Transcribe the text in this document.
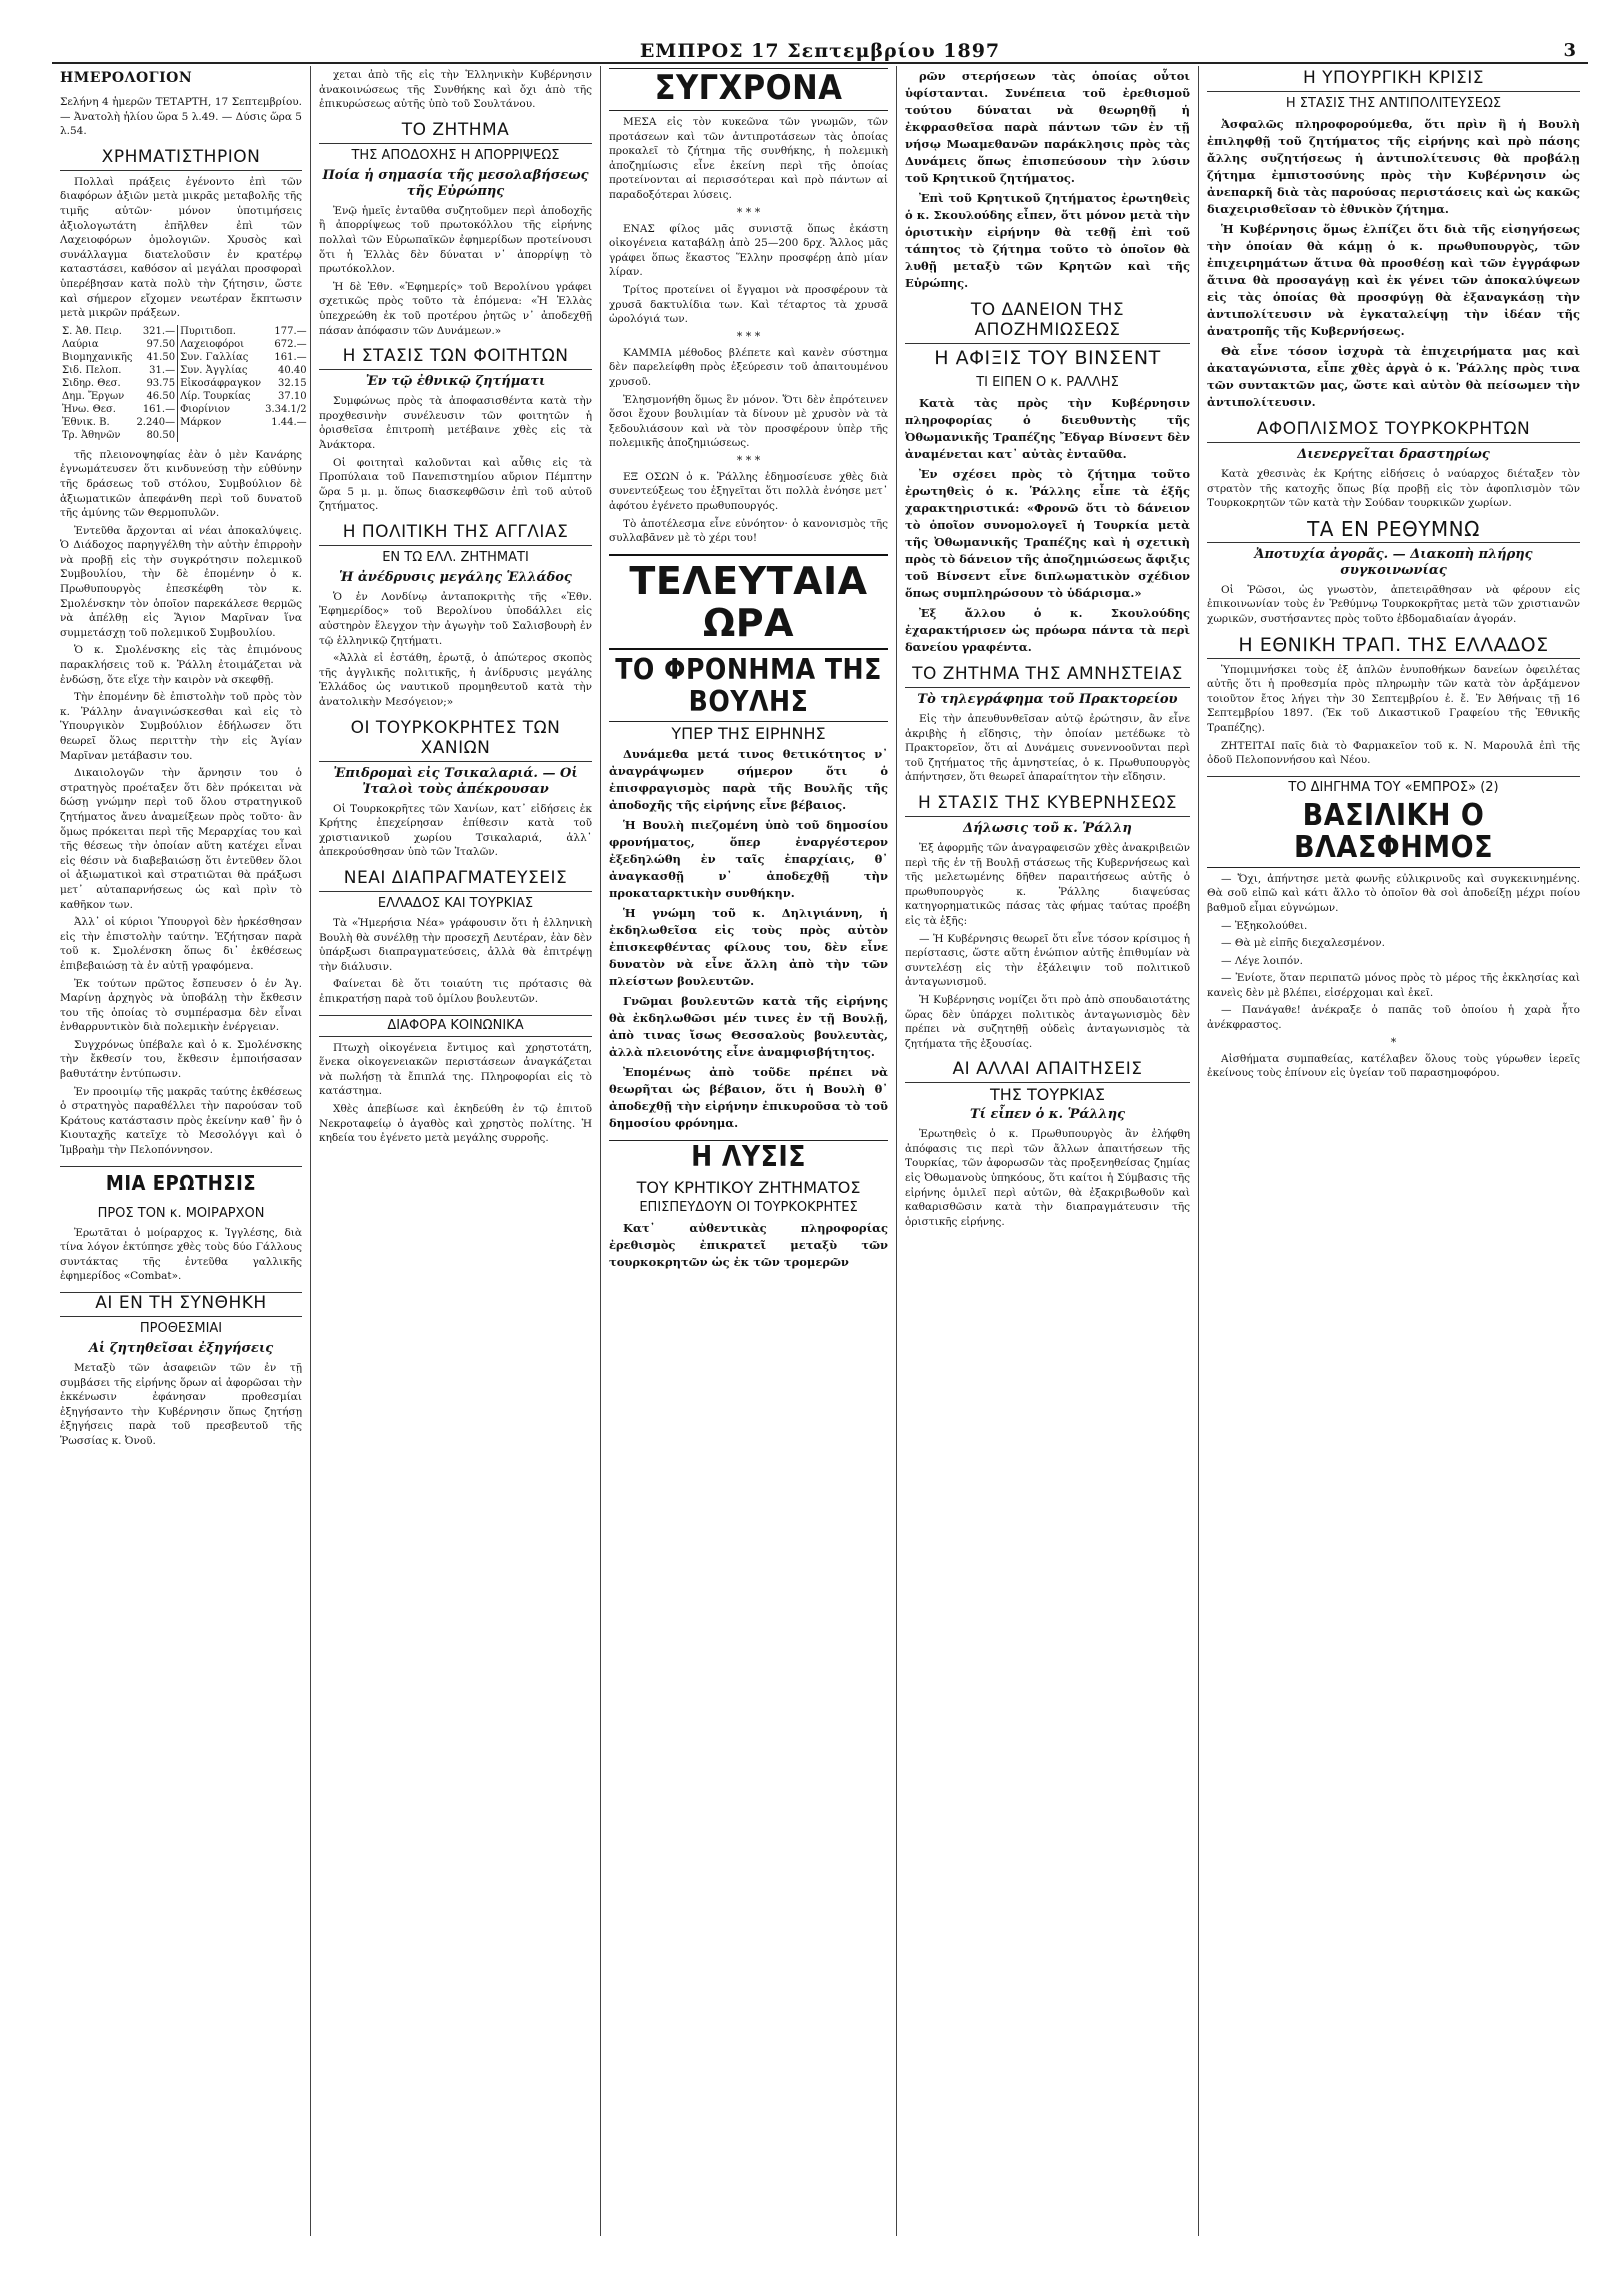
ΕΜΠΡΟΣ 17 Σεπτεμβρίου 1897	3
ΗΜΕΡΟΛΟΓΙΟΝ

Σελήνη 4 ἡμερῶν ΤΕΤΑΡΤΗ, 17 Σεπτεμβρίου. — Ἀνατολὴ ἡλίου ὥρα 5 λ.49. — Δύσις ὥρα 5 λ.54.

ΧΡΗΜΑΤΙΣΤΗΡΙΟΝ

Πολλαὶ πράξεις ἐγένοντο ἐπὶ τῶν διαφόρων ἀξιῶν μετὰ μικρᾶς μεταβολῆς τῆς τιμῆς αὐτῶν· μόνον ὑποτιμήσεις ἀξιολογωτάτη ἐπῆλθεν ἐπὶ τῶν Λαχειοφόρων ὁμολογιῶν. Χρυσὸς καὶ συνάλλαγμα διατελοῦσιν ἐν κρατέρῳ καταστάσει, καθόσον αἱ μεγάλαι προσφοραὶ ὑπερέβησαν κατὰ πολὺ τὴν ζήτησιν, ὥστε καὶ σήμερον εἴχομεν νεωτέραν ἔκπτωσιν μετὰ μικρῶν πράξεων.

Σ. Ἀθ. Πειρ.	321.—	Πυριτιδοπ.	177.—
Λαύρια	97.50	Λαχειοφόροι	672.—
Βιομηχανικῆς	41.50	Συν. Γαλλίας	161.—
Σιδ. Πελοπ.	31.—	Συν. Ἀγγλίας	40.40
Σιδηρ. Θεσ.	93.75	Εἰκοσάφραγκον	32.15
Δημ. Ἔργων	46.50	Λίρ. Τουρκίας	37.10
Ἠνω. Θεσ.	161.—	Φιορίνιον	3.34.1/2
Ἐθνικ. Β.	2.240—	Μάρκον	1.44.—
Τρ. Ἀθηνῶν	80.50		

τῆς πλειονοψηφίας ἐὰν ὁ μὲν Κανάρης ἐγνωμάτευσεν ὅτι κινδυνεύσῃ τὴν εὐθύνην τῆς δράσεως τοῦ στόλου, Συμβούλιον δὲ ἀξιωματικῶν ἀπεφάνθη περὶ τοῦ δυνατοῦ τῆς ἀμύνης τῶν Θερμοπυλῶν.

Ἐντεῦθα ἄρχονται αἱ νέαι ἀποκαλύψεις. Ὁ Διάδοχος παρηγγέλθη τὴν αὐτὴν ἐπιρροὴν νὰ προβῇ εἰς τὴν συγκρότησιν πολεμικοῦ Συμβουλίου, τὴν δὲ ἐπομένην ὁ κ. Πρωθυπουργὸς ἐπεσκέφθη τὸν κ. Σμολένσκην τὸν ὁποῖον παρεκάλεσε θερμῶς νὰ ἀπέλθῃ εἰς Ἅγιον Μαρῖναν ἵνα συμμετάσχῃ τοῦ πολεμικοῦ Συμβουλίου.

Ὁ κ. Σμολένσκης εἰς τὰς ἐπιμόνους παρακλήσεις τοῦ κ. Ῥάλλη ἐτοιμάζεται νὰ ἐνδώσῃ, ὅτε εἴχε τὴν καιρὸν νὰ σκεφθῇ.

Τὴν ἐπομένην δὲ ἐπιστολὴν τοῦ πρὸς τὸν κ. Ῥάλλην ἀναγινώσκεσθαι καὶ εἰς τὸ Ὑπουργικὸν Συμβούλιον ἐδήλωσεν ὅτι θεωρεῖ ὅλως περιττὴν τὴν εἰς Ἁγίαν Μαρῖναν μετάβασιν του.

Δικαιολογῶν τὴν ἄρνησιν του ὁ στρατηγὸς προέταξεν ὅτι δὲν πρόκειται νὰ δώσῃ γνώμην περὶ τοῦ ὅλου στρατηγικοῦ ζητήματος ἄνευ ἀναμείξεων πρὸς τοῦτο· ἂν ὅμως πρόκειται περὶ τῆς Μεραρχίας του καὶ τῆς θέσεως τὴν ὁποίαν αὕτη κατέχει εἶναι εἰς θέσιν νὰ διαβεβαιώσῃ ὅτι ἐντεῦθεν ὅλοι οἱ ἀξιωματικοὶ καὶ στρατιῶται θὰ πράξωσι μετ᾽ αὐταπαρνήσεως ὡς καὶ πρὶν τὸ καθῆκον των.

Ἀλλ᾽ οἱ κύριοι Ὑπουργοὶ δὲν ἠρκέσθησαν εἰς τὴν ἐπιστολὴν ταύτην. Ἐζήτησαν παρὰ τοῦ κ. Σμολένσκη ὅπως δι᾽ ἐκθέσεως ἐπιβεβαιώσῃ τὰ ἐν αὐτῇ γραφόμενα.

Ἐκ τούτων πρῶτος ἔσπευσεν ὁ ἐν Ἁγ. Μαρίνῃ ἀρχηγὸς νὰ ὑποβάλῃ τὴν ἔκθεσιν του τῆς ὁποίας τὸ συμπέρασμα δὲν εἶναι ἐνθαρρυντικὸν διὰ πολεμικὴν ἐνέργειαν.

Συγχρόνως ὑπέβαλε καὶ ὁ κ. Σμολένσκης τὴν ἔκθεσίν του, ἔκθεσιν ἐμποιήσασαν βαθυτάτην ἐντύπωσιν.

Ἐν προοιμίῳ τῆς μακρᾶς ταύτης ἐκθέσεως ὁ στρατηγὸς παραθέλλει τὴν παρούσαν τοῦ Κράτους κατάστασιν πρὸς ἐκείνην καθ᾽ ἣν ὁ Κιουταχῆς κατεῖχε τὸ Μεσολόγγι καὶ ὁ Ἰμβραὴμ τὴν Πελοπόννησον.

ΜΙΑ ΕΡΩΤΗΣΙΣ
ΠΡΟΣ ΤΟΝ κ. ΜΟΙΡΑΡΧΟΝ

Ἐρωτᾶται ὁ μοίραρχος κ. Ἰγγλέσης, διὰ τίνα λόγον ἐκτύπησε χθὲς τοὺς δύο Γάλλους συντάκτας τῆς ἐντεῦθα γαλλικῆς ἐφημερίδος «Combat».

ΑΙ ΕΝ ΤΗ ΣΥΝΘΗΚΗ
ΠΡΟΘΕΣΜΙΑΙ
Αἱ ζητηθεῖσαι ἐξηγήσεις

Μεταξὺ τῶν ἀσαφειῶν τῶν ἐν τῇ συμβάσει τῆς εἰρήνης ὅρων αἱ ἀφορῶσαι τὴν ἐκκένωσιν ἐφάνησαν προθεσμίαι ἐξηγήσαντο τὴν Κυβέρνησιν ὅπως ζητήσῃ ἐξηγήσεις παρὰ τοῦ πρεσβευτοῦ τῆς Ῥωσσίας κ. Ὀνοῦ.

χεται ἀπὸ τῆς εἰς τὴν Ἑλληνικὴν Κυβέρνησιν ἀνακοινώσεως τῆς Συνθήκης καὶ ὄχι ἀπὸ τῆς ἐπικυρώσεως αὐτῆς ὑπὸ τοῦ Σουλτάνου.

ΤΟ ΖΗΤΗΜΑ
ΤΗΣ ΑΠΟΔΟΧΗΣ Η ΑΠΟΡΡΙΨΕΩΣ
Ποία ἡ σημασία τῆς μεσολαβήσεως τῆς Εὐρώπης

Ἐνῷ ἡμεῖς ἐνταῦθα συζητοῦμεν περὶ ἀποδοχῆς ἢ ἀπορρίψεως τοῦ πρωτοκόλλου τῆς εἰρήνης πολλαὶ τῶν Εὐρωπαϊκῶν ἐφημερίδων προτείνουσι ὅτι ἡ Ἑλλὰς δὲν δύναται ν᾽ ἀπορρίψῃ τὸ πρωτόκολλον.

Ἡ δὲ Ἐθν. «Ἐφημερίς» τοῦ Βερολίνου γράφει σχετικῶς πρὸς τοῦτο τὰ ἑπόμενα: «Ἡ Ἑλλὰς ὑπεχρεώθη ἐκ τοῦ προτέρου ῥητῶς ν᾽ ἀποδεχθῇ πάσαν ἀπόφασιν τῶν Δυνάμεων.»

Η ΣΤΑΣΙΣ ΤΩΝ ΦΟΙΤΗΤΩΝ
Ἐν τῷ ἐθνικῷ ζητήματι

Συμφώνως πρὸς τὰ ἀποφασισθέντα κατὰ τὴν προχθεσινὴν συνέλευσιν τῶν φοιτητῶν ἡ ὁρισθεῖσα ἐπιτροπὴ μετέβαινε χθὲς εἰς τὰ Ἀνάκτορα.

Οἱ φοιτηταὶ καλοῦνται καὶ αὖθις εἰς τὰ Προπύλαια τοῦ Πανεπιστημίου αὔριον Πέμπτην ὥρα 5 μ. μ. ὅπως διασκεφθῶσιν ἐπὶ τοῦ αὐτοῦ ζητήματος.

Η ΠΟΛΙΤΙΚΗ ΤΗΣ ΑΓΓΛΙΑΣ
ΕΝ ΤΩ ΕΛΛ. ΖΗΤΗΜΑΤΙ
Ἡ ἀνέδρυσις μεγάλης Ἑλλάδος

Ὁ ἐν Λονδίνῳ ἀνταποκριτὴς τῆς «Ἐθν. Ἐφημερίδος» τοῦ Βερολίνου ὑποδάλλει εἰς αὐστηρὸν ἔλεγχον τὴν ἀγωγὴν τοῦ Σαλισβουρὴ ἐν τῷ ἑλληνικῷ ζητήματι.

«Ἀλλὰ εἰ ἐστάθη, ἐρωτᾷ, ὁ ἀπώτερος σκοπὸς τῆς ἀγγλικῆς πολιτικῆς, ἡ ἀνίδρυσις μεγάλης Ἑλλάδος ὡς ναυτικοῦ προμηθευτοῦ κατὰ τὴν ἀνατολικὴν Μεσόγειον;»

ΟΙ ΤΟΥΡΚΟΚΡΗΤΕΣ ΤΩΝ ΧΑΝΙΩΝ
Ἐπιδρομαὶ εἰς Τσικαλαριά. — Οἱ Ἰταλοὶ τοὺς ἀπέκρουσαν

Οἱ Τουρκοκρῆτες τῶν Χανίων, κατ᾽ εἰδήσεις ἐκ Κρήτης ἐπεχείρησαν ἐπίθεσιν κατὰ τοῦ χριστιανικοῦ χωρίου Τσικαλαριά, ἀλλ᾽ ἀπεκρούσθησαν ὑπὸ τῶν Ἰταλῶν.

ΝΕΑΙ ΔΙΑΠΡΑΓΜΑΤΕΥΣΕΙΣ
ΕΛΛΑΔΟΣ ΚΑΙ ΤΟΥΡΚΙΑΣ

Τὰ «Ἡμερήσια Νέα» γράφουσιν ὅτι ἡ ἑλληνικὴ Βουλὴ θὰ συνέλθῃ τὴν προσεχῆ Δευτέραν, ἐὰν δὲν ὑπάρξωσι διαπραγματεύσεις, ἀλλὰ θὰ ἐπιτρέψῃ τὴν διάλυσιν.

Φαίνεται δὲ ὅτι τοιαύτη τις πρότασις θὰ ἐπικρατήσῃ παρὰ τοῦ ὁμίλου βουλευτῶν.

ΔΙΑΦΟΡΑ ΚΟΙΝΩΝΙΚΑ

Πτωχὴ οἰκογένεια ἔντιμος καὶ χρηστοτάτη, ἕνεκα οἰκογενειακῶν περιστάσεων ἀναγκάζεται νὰ πωλήσῃ τὰ ἔπιπλά της. Πληροφορίαι εἰς τὸ κατάστημα.

Χθὲς ἀπεβίωσε καὶ ἐκηδεύθη ἐν τῷ ἐπιτοῦ Νεκροταφείῳ ὁ ἀγαθὸς καὶ χρηστὸς πολίτης. Ἡ κηδεία του ἐγένετο μετὰ μεγάλης συρροῆς.

ΣΥΓΧΡΟΝΑ

ΜΕΣΑ εἰς τὸν κυκεῶνα τῶν γνωμῶν, τῶν προτάσεων καὶ τῶν ἀντιπροτάσεων τὰς ὁποίας προκαλεῖ τὸ ζήτημα τῆς συνθήκης, ἡ πολεμικὴ ἀποζημίωσις εἶνε ἐκείνη περὶ τῆς ὁποίας προτείνονται αἱ περισσότεραι καὶ πρὸ πάντων αἱ παραδοξότεραι λύσεις.

* * *

ΕΝΑΣ φίλος μᾶς συνιστᾷ ὅπως ἑκάστη οἰκογένεια καταβάλῃ ἀπὸ 25—200 δρχ. Ἄλλος μᾶς γράφει ὅπως ἕκαστος Ἕλλην προσφέρῃ ἀπὸ μίαν λίραν.

Τρίτος προτείνει οἱ ἔγγαμοι νὰ προσφέρουν τὰ χρυσᾶ δακτυλίδια των. Καὶ τέταρτος τὰ χρυσᾶ ὡρολόγιά των.

* * *

ΚΑΜΜΙΑ μέθοδος βλέπετε καὶ κανὲν σύστημα δὲν παρελείφθη πρὸς ἐξεύρεσιν τοῦ ἀπαιτουμένου χρυσοῦ.

Ἐλησμονήθη ὅμως ἓν μόνον. Ὅτι δὲν ἐπρότεινεν ὅσοι ἔχουν βουλιμίαν τὰ δίνουν μὲ χρυσὸν νὰ τὰ ξεδουλιάσουν καὶ νὰ τὸν προσφέρουν ὑπὲρ τῆς πολεμικῆς ἀποζημιώσεως.

* * *

ΕΞ ΟΣΩΝ ὁ κ. Ῥάλλης ἐδημοσίευσε χθὲς διὰ συνεντεύξεως του ἐξηγεῖται ὅτι πολλὰ ἐνόησε μετ᾽ ἀφότου ἐγένετο πρωθυπουργός.

Τὸ ἀποτέλεσμα εἶνε εὐνόητον· ὁ κανονισμὸς τῆς συλλαβᾶνεν μὲ τὸ χέρι του!

ΤΕΛΕΥΤΑΙΑ ΩΡΑ
ΤΟ ΦΡΟΝΗΜΑ ΤΗΣ ΒΟΥΛΗΣ
ΥΠΕΡ ΤΗΣ ΕΙΡΗΝΗΣ

Δυνάμεθα μετά τινος θετικότητος ν᾽ ἀναγράψωμεν σήμερον ὅτι ὁ ἐπισφραγισμὸς παρὰ τῆς Βουλῆς τῆς ἀποδοχῆς τῆς εἰρήνης εἶνε βέβαιος.

Ἡ Βουλὴ πιεζομένη ὑπὸ τοῦ δημοσίου φρονήματος, ὅπερ ἐναργέστερον ἐξεδηλώθη ἐν ταῖς ἐπαρχίαις, θ᾽ ἀναγκασθῇ ν᾽ ἀποδεχθῇ τὴν προκαταρκτικὴν συνθήκην.

Ἡ γνώμη τοῦ κ. Δηλιγιάννη, ἡ ἐκδηλωθεῖσα εἰς τοὺς πρὸς αὐτὸν ἐπισκεφθέντας φίλους του, δὲν εἶνε δυνατὸν νὰ εἶνε ἄλλη ἀπὸ τὴν τῶν πλείστων βουλευτῶν.

Γνῶμαι βουλευτῶν κατὰ τῆς εἰρήνης θὰ ἐκδηλωθῶσι μέν τινες ἐν τῇ Βουλῇ, ἀπὸ τινας ἴσως Θεσσαλοὺς βουλευτὰς, ἀλλὰ πλειονότης εἶνε ἀναμφισβήτητος.

Ἐπομένως ἀπὸ τοῦδε πρέπει νὰ θεωρῆται ὡς βέβαιον, ὅτι ἡ Βουλὴ θ᾽ ἀποδεχθῇ τὴν εἰρήνην ἐπικυροῦσα τὸ τοῦ δημοσίου φρόνημα.

Η ΛΥΣΙΣ
ΤΟΥ ΚΡΗΤΙΚΟΥ ΖΗΤΗΜΑΤΟΣ
ΕΠΙΣΠΕΥΔΟΥΝ ΟΙ ΤΟΥΡΚΟΚΡΗΤΕΣ

Κατ᾽ αὐθεντικὰς πληροφορίας ἐρεθισμὸς ἐπικρατεῖ μεταξὺ τῶν τουρκοκρητῶν ὡς ἐκ τῶν τρομερῶν

ρῶν στερήσεων τὰς ὁποίας οὗτοι ὑφίστανται. Συνέπεια τοῦ ἐρεθισμοῦ τούτου δύναται νὰ θεωρηθῇ ἡ ἐκφρασθεῖσα παρὰ πάντων τῶν ἐν τῇ νήσῳ Μωαμεθανῶν παράκλησις πρὸς τὰς Δυνάμεις ὅπως ἐπισπεύσουν τὴν λύσιν τοῦ Κρητικοῦ ζητήματος.

Ἐπὶ τοῦ Κρητικοῦ ζητήματος ἐρωτηθεὶς ὁ κ. Σκουλούδης εἶπεν, ὅτι μόνον μετὰ τὴν ὁριστικὴν εἰρήνην θὰ τεθῇ ἐπὶ τοῦ τάπητος τὸ ζήτημα τοῦτο τὸ ὁποῖον θὰ λυθῇ μεταξὺ τῶν Κρητῶν καὶ τῆς Εὐρώπης.

ΤΟ ΔΑΝΕΙΟΝ ΤΗΣ ΑΠΟΖΗΜΙΩΣΕΩΣ
Η ΑΦΙΞΙΣ ΤΟΥ ΒΙΝΣΕΝΤ
ΤΙ ΕΙΠΕΝ Ο κ. ΡΑΛΛΗΣ

Κατὰ τὰς πρὸς τὴν Κυβέρνησιν πληροφορίας ὁ διευθυντὴς τῆς Ὀθωμανικῆς Τραπέζης Ἔδγαρ Βίνσεντ δὲν ἀναμένεται κατ᾽ αὐτὰς ἐνταῦθα.

Ἐν σχέσει πρὸς τὸ ζήτημα τοῦτο ἐρωτηθεὶς ὁ κ. Ῥάλλης εἶπε τὰ ἑξῆς χαρακτηριστικά: «Φρονῶ ὅτι τὸ δάνειον τὸ ὁποῖον συνομολογεῖ ἡ Τουρκία μετὰ τῆς Ὀθωμανικῆς Τραπέζης καὶ ἡ σχετικὴ πρὸς τὸ δάνειον τῆς ἀποζημιώσεως ἄφιξις τοῦ Βίνσεντ εἶνε διπλωματικὸν σχέδιον ὅπως συμπληρώσουν τὸ ὑδάρισμα.»

Ἐξ ἄλλου ὁ κ. Σκουλούδης ἐχαρακτήρισεν ὡς πρόωρα πάντα τὰ περὶ δανείου γραφέντα.

ΤΟ ΖΗΤΗΜΑ ΤΗΣ ΑΜΝΗΣΤΕΙΑΣ
Τὸ τηλεγράφημα τοῦ Πρακτορείου

Εἰς τὴν ἀπευθυνθεῖσαν αὐτῷ ἐρώτησιν, ἂν εἶνε ἀκριβὴς ἡ εἴδησις, τὴν ὁποίαν μετέδωκε τὸ Πρακτορεῖον, ὅτι αἱ Δυνάμεις συνεννοοῦνται περὶ τοῦ ζητήματος τῆς ἀμνηστείας, ὁ κ. Πρωθυπουργὸς ἀπήντησεν, ὅτι θεωρεῖ ἀπαραίτητον τὴν εἴδησιν.

Η ΣΤΑΣΙΣ ΤΗΣ ΚΥΒΕΡΝΗΣΕΩΣ
Δήλωσις τοῦ κ. Ῥάλλη

Ἐξ ἀφορμῆς τῶν ἀναγραφεισῶν χθὲς ἀνακριβειῶν περὶ τῆς ἐν τῇ Βουλῇ στάσεως τῆς Κυβερνήσεως καὶ τῆς μελετωμένης δῆθεν παραιτήσεως αὐτῆς ὁ πρωθυπουργὸς κ. Ῥάλλης διαψεύσας κατηγορηματικῶς πάσας τὰς φήμας ταύτας προέβη εἰς τὰ ἑξῆς:

— Ἡ Κυβέρνησις θεωρεῖ ὅτι εἶνε τόσον κρίσιμος ἡ περίστασις, ὥστε αὕτη ἐνώπιον αὐτῆς ἐπιθυμίαν νὰ συντελέσῃ εἰς τὴν ἐξάλειψιν τοῦ πολιτικοῦ ἀνταγωνισμοῦ.

Ἡ Κυβέρνησις νομίζει ὅτι πρὸ ἀπὸ σπουδαιοτάτης ὥρας δὲν ὑπάρχει πολιτικὸς ἀνταγωνισμὸς δὲν πρέπει νὰ συζητηθῇ οὐδεὶς ἀνταγωνισμὸς τὰ ζητήματα τῆς ἐξουσίας.

ΑΙ ΑΛΛΑΙ ΑΠΑΙΤΗΣΕΙΣ
ΤΗΣ ΤΟΥΡΚΙΑΣ
Τί εἶπεν ὁ κ. Ῥάλλης

Ἐρωτηθεὶς ὁ κ. Πρωθυπουργὸς ἂν ἐλήφθη ἀπόφασις τις περὶ τῶν ἄλλων ἀπαιτήσεων τῆς Τουρκίας, τῶν ἀφορωσῶν τὰς προξενηθείσας ζημίας εἰς Ὀθωμανοὺς ὑπηκόους, ὅτι καίτοι ἡ Σύμβασις τῆς εἰρήνης ὁμιλεῖ περὶ αὐτῶν, θὰ ἐξακριβωθοῦν καὶ καθαρισθῶσιν κατὰ τὴν διαπραγμάτευσιν τῆς ὁριστικῆς εἰρήνης.

Η ΥΠΟΥΡΓΙΚΗ ΚΡΙΣΙΣ
Η ΣΤΑΣΙΣ ΤΗΣ ΑΝΤΙΠΟΛΙΤΕΥΣΕΩΣ

Ἀσφαλῶς πληροφορούμεθα, ὅτι πρὶν ἢ ἡ Βουλὴ ἐπιληφθῇ τοῦ ζητήματος τῆς εἰρήνης καὶ πρὸ πάσης ἄλλης συζητήσεως ἡ ἀντιπολίτευσις θὰ προβάλῃ ζήτημα ἐμπιστοσύνης πρὸς τὴν Κυβέρνησιν ὡς ἀνεπαρκῆ διὰ τὰς παρούσας περιστάσεις καὶ ὡς κακῶς διαχειρισθεῖσαν τὸ ἐθνικὸν ζήτημα.

Ἡ Κυβέρνησις ὅμως ἐλπίζει ὅτι διὰ τῆς εἰσηγήσεως τὴν ὁποίαν θὰ κάμῃ ὁ κ. πρωθυπουργὸς, τῶν ἐπιχειρημάτων ἅτινα θὰ προσθέσῃ καὶ τῶν ἐγγράφων ἅτινα θὰ προσαγάγῃ καὶ ἐκ γένει τῶν ἀποκαλύψεων εἰς τὰς ὁποίας θὰ προσφύγῃ θὰ ἐξαναγκάσῃ τὴν ἀντιπολίτευσιν νὰ ἐγκαταλείψῃ τὴν ἰδέαν τῆς ἀνατροπῆς τῆς Κυβερνήσεως.

Θὰ εἶνε τόσον ἰσχυρὰ τὰ ἐπιχειρήματα μας καὶ ἀκαταγώνιστα, εἶπε χθὲς ἀργὰ ὁ κ. Ῥάλλης πρὸς τινα τῶν συντακτῶν μας, ὥστε καὶ αὐτὸν θὰ πείσωμεν τὴν ἀντιπολίτευσιν.

ΑΦΟΠΛΙΣΜΟΣ ΤΟΥΡΚΟΚΡΗΤΩΝ
Διενεργεῖται δραστηρίως

Κατὰ χθεσινὰς ἐκ Κρήτης εἰδήσεις ὁ ναύαρχος διέταξεν τὸν στρατὸν τῆς κατοχῆς ὅπως βίᾳ προβῇ εἰς τὸν ἀφοπλισμὸν τῶν Τουρκοκρητῶν τῶν κατὰ τὴν Σούδαν τουρκικῶν χωρίων.

ΤΑ ΕΝ ΡΕΘΥΜΝΩ
Ἀποτυχία ἀγορᾶς. — Διακοπὴ πλήρης συγκοινωνίας

Οἱ Ῥῶσοι, ὡς γνωστὸν, ἀπετειρᾶθησαν νὰ φέρουν εἰς ἐπικοινωνίαν τοὺς ἐν Ῥεθύμνῳ Τουρκοκρῆτας μετὰ τῶν χριστιανῶν χωρικῶν, συστήσαντες πρὸς τοῦτο ἑβδομαδιαίαν ἀγοράν.

Η ΕΘΝΙΚΗ ΤΡΑΠ. ΤΗΣ ΕΛΛΑΔΟΣ

Ὑπομιμνήσκει τοὺς ἐξ ἀπλῶν ἐνυποθήκων δανείων ὀφειλέτας αὐτῆς ὅτι ἡ προθεσμία πρὸς πληρωμὴν τῶν κατὰ τὸν ἀρξάμενον τοιοῦτον ἔτος λήγει τὴν 30 Σεπτεμβρίου ἐ. ἔ. Ἐν Ἀθήναις τῇ 16 Σεπτεμβρίου 1897. (Ἐκ τοῦ Δικαστικοῦ Γραφείου τῆς Ἐθνικῆς Τραπέζης).

ΖΗΤΕΙΤΑΙ παῖς διὰ τὸ Φαρμακεῖον τοῦ κ. Ν. Μαρουλᾶ ἐπὶ τῆς ὁδοῦ Πελοποννήσου καὶ Νέου.

ΤΟ ΔΙΗΓΗΜΑ ΤΟΥ «ΕΜΠΡΟΣ» (2)
ΒΑΣΙΛΙΚΗ Ο ΒΛΑΣΦΗΜΟΣ

— Ὄχι, ἀπήντησε μετὰ φωνῆς εὐλικρινοῦς καὶ συγκεκινημένης. Θὰ σοῦ εἰπῶ καὶ κάτι ἄλλο τὸ ὁποῖον θὰ σοὶ ἀποδείξῃ μέχρι ποίου βαθμοῦ εἶμαι εὐγνώμων.

— Ἐξηκολούθει.

— Θὰ μὲ εἰπῆς διεχαλεσμένον.

— Λέγε λοιπόν.

— Ἐνίοτε, ὅταν περιπατῶ μόνος πρὸς τὸ μέρος τῆς ἐκκλησίας καὶ κανεὶς δὲν μὲ βλέπει, εἰσέρχομαι καὶ ἐκεῖ.

— Πανάγαθε! ἀνέκραξε ὁ παπᾶς τοῦ ὁποίου ἡ χαρὰ ἦτο ἀνέκφραστος.

*

Αἰσθήματα συμπαθείας, κατέλαβεν ὅλους τοὺς γύρωθεν ἱερεῖς ἐκείνους τοὺς ἐπίνουν εἰς ὑγείαν τοῦ παρασημοφόρου.
